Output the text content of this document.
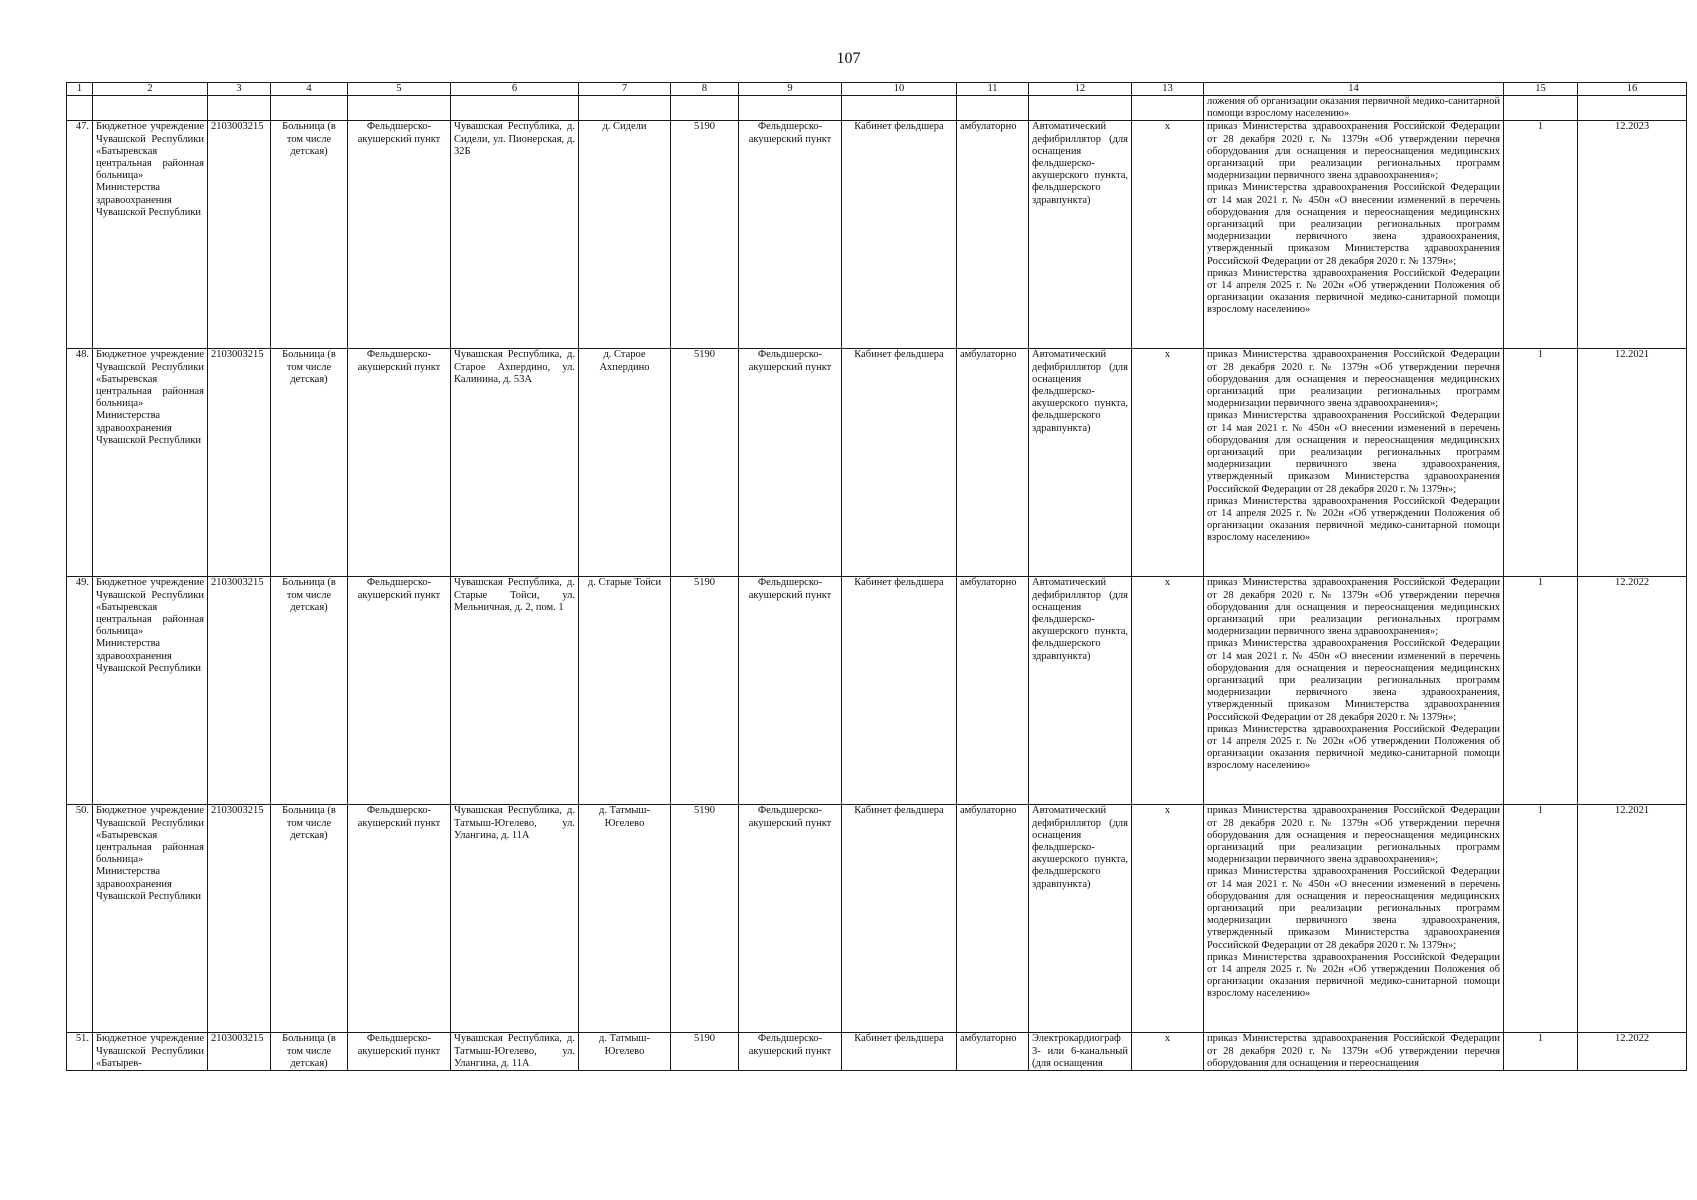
107
1	2	3	4	5	6	7	8	9	10	11	12	13	14	15	16
													ложения об организации оказания первичной медико-санитарной помощи взрослому населению»		
47.	Бюджетное учреждение Чувашской Республики «Батыревская центральная районная больница» Министерства здравоохранения Чувашской Республики	2103003215	Больница (в том числе детская)	Фельдшерско-акушерский пункт	Чувашская Республика, д. Сидели, ул. Пионерская, д. 32Б	д. Сидели	5190	Фельдшерско-акушерский пункт	Кабинет фельдшера	амбулаторно	Автоматический дефибриллятор (для оснащения фельдшерско-акушерского пункта, фельдшерского здравпункта)	x	приказ Министерства здравоохранения Российской Федерации от 28 декабря 2020 г. № 1379н «Об утверждении перечня оборудования для оснащения и переоснащения медицинских организаций при реализации региональных программ модернизации первичного звена здравоохранения»;
приказ Министерства здравоохранения Российской Федерации от 14 мая 2021 г. № 450н «О внесении изменений в перечень оборудования для оснащения и переоснащения медицинских организаций при реализации региональных программ модернизации первичного звена здравоохранения, утвержденный приказом Министерства здравоохранения Российской Федерации от 28 декабря 2020 г. № 1379н»;
приказ Министерства здравоохранения Российской Федерации от 14 апреля 2025 г. № 202н «Об утверждении Положения об организации оказания первичной медико-санитарной помощи взрослому населению»	1	12.2023
48.	Бюджетное учреждение Чувашской Республики «Батыревская центральная районная больница» Министерства здравоохранения Чувашской Республики	2103003215	Больница (в том числе детская)	Фельдшерско-акушерский пункт	Чувашская Республика, д. Старое Ахпердино, ул. Калинина, д. 53А	д. Старое Ахпердино	5190	Фельдшерско-акушерский пункт	Кабинет фельдшера	амбулаторно	Автоматический дефибриллятор (для оснащения фельдшерско-акушерского пункта, фельдшерского здравпункта)	x	приказ Министерства здравоохранения Российской Федерации от 28 декабря 2020 г. № 1379н «Об утверждении перечня оборудования для оснащения и переоснащения медицинских организаций при реализации региональных программ модернизации первичного звена здравоохранения»;
приказ Министерства здравоохранения Российской Федерации от 14 мая 2021 г. № 450н «О внесении изменений в перечень оборудования для оснащения и переоснащения медицинских организаций при реализации региональных программ модернизации первичного звена здравоохранения, утвержденный приказом Министерства здравоохранения Российской Федерации от 28 декабря 2020 г. № 1379н»;
приказ Министерства здравоохранения Российской Федерации от 14 апреля 2025 г. № 202н «Об утверждении Положения об организации оказания первичной медико-санитарной помощи взрослому населению»	1	12.2021
49.	Бюджетное учреждение Чувашской Республики «Батыревская центральная районная больница» Министерства здравоохранения Чувашской Республики	2103003215	Больница (в том числе детская)	Фельдшерско-акушерский пункт	Чувашская Республика, д. Старые Тойси, ул. Мельничная, д. 2, пом. 1	д. Старые Тойси	5190	Фельдшерско-акушерский пункт	Кабинет фельдшера	амбулаторно	Автоматический дефибриллятор (для оснащения фельдшерско-акушерского пункта, фельдшерского здравпункта)	x	приказ Министерства здравоохранения Российской Федерации от 28 декабря 2020 г. № 1379н «Об утверждении перечня оборудования для оснащения и переоснащения медицинских организаций при реализации региональных программ модернизации первичного звена здравоохранения»;
приказ Министерства здравоохранения Российской Федерации от 14 мая 2021 г. № 450н «О внесении изменений в перечень оборудования для оснащения и переоснащения медицинских организаций при реализации региональных программ модернизации первичного звена здравоохранения, утвержденный приказом Министерства здравоохранения Российской Федерации от 28 декабря 2020 г. № 1379н»;
приказ Министерства здравоохранения Российской Федерации от 14 апреля 2025 г. № 202н «Об утверждении Положения об организации оказания первичной медико-санитарной помощи взрослому населению»	1	12.2022
50.	Бюджетное учреждение Чувашской Республики «Батыревская центральная районная больница» Министерства здравоохранения Чувашской Республики	2103003215	Больница (в том числе детская)	Фельдшерско-акушерский пункт	Чувашская Республика, д. Татмыш-Югелево, ул. Улангина, д. 11А	д. Татмыш-Югелево	5190	Фельдшерско-акушерский пункт	Кабинет фельдшера	амбулаторно	Автоматический дефибриллятор (для оснащения фельдшерско-акушерского пункта, фельдшерского здравпункта)	x	приказ Министерства здравоохранения Российской Федерации от 28 декабря 2020 г. № 1379н «Об утверждении перечня оборудования для оснащения и переоснащения медицинских организаций при реализации региональных программ модернизации первичного звена здравоохранения»;
приказ Министерства здравоохранения Российской Федерации от 14 мая 2021 г. № 450н «О внесении изменений в перечень оборудования для оснащения и переоснащения медицинских организаций при реализации региональных программ модернизации первичного звена здравоохранения, утвержденный приказом Министерства здравоохранения Российской Федерации от 28 декабря 2020 г. № 1379н»;
приказ Министерства здравоохранения Российской Федерации от 14 апреля 2025 г. № 202н «Об утверждении Положения об организации оказания первичной медико-санитарной помощи взрослому населению»	1	12.2021
51.	Бюджетное учреждение Чувашской Республики «Батырев-	2103003215	Больница (в том числе детская)	Фельдшерско-акушерский пункт	Чувашская Республика, д. Татмыш-Югелево, ул. Улангина, д. 11А	д. Татмыш-Югелево	5190	Фельдшерско-акушерский пункт	Кабинет фельдшера	амбулаторно	Электрокардиограф 3- или 6-канальный (для оснащения	x	приказ Министерства здравоохранения Российской Федерации от 28 декабря 2020 г. № 1379н «Об утверждении перечня оборудования для оснащения и переоснащения	1	12.2022
